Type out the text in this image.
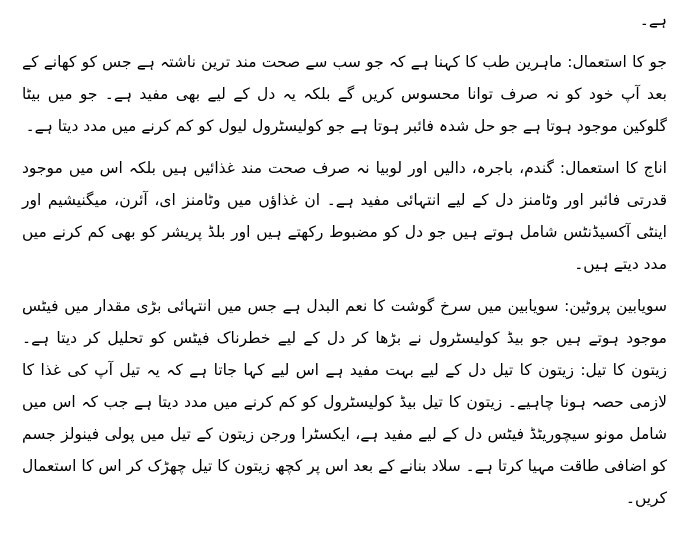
ہے۔

جو کا استعمال: ماہرین طب کا کہنا ہے کہ جو سب سے صحت مند ترین ناشتہ ہے جس کو کھانے کے بعد آپ خود کو نہ صرف توانا محسوس کریں گے بلکہ یہ دل کے لیے بھی مفید ہے۔ جو میں بیٹا گلوکین موجود ہوتا ہے جو حل شدہ فائبر ہوتا ہے جو کولیسٹرول لیول کو کم کرنے میں مدد دیتا ہے۔

اناج کا استعمال: گندم، باجرہ، دالیں اور لوبیا نہ صرف صحت مند غذائیں ہیں بلکہ اس میں موجود قدرتی فائبر اور وٹامنز دل کے لیے انتہائی مفید ہے۔ ان غذاؤں میں وٹامنز ای، آئرن، میگنیشیم اور اینٹی آکسیڈنٹس شامل ہوتے ہیں جو دل کو مضبوط رکھتے ہیں اور بلڈ پریشر کو بھی کم کرنے میں مدد دیتے ہیں۔

سویابین پروٹین: سویابین میں سرخ گوشت کا نعم البدل ہے جس میں انتہائی بڑی مقدار میں فیٹس موجود ہوتے ہیں جو بیڈ کولیسٹرول نے بڑھا کر دل کے لیے خطرناک فیٹس کو تحلیل کر دیتا ہے۔ زیتون کا تیل: زیتون کا تیل دل کے لیے بہت مفید ہے اس لیے کہا جاتا ہے کہ یہ تیل آپ کی غذا کا لازمی حصہ ہونا چاہیے۔ زیتون کا تیل بیڈ کولیسٹرول کو کم کرنے میں مدد دیتا ہے جب کہ اس میں شامل مونو سیچوریٹڈ فیٹس دل کے لیے مفید ہے، ایکسٹرا ورجن زیتون کے تیل میں پولی فینولز جسم کو اضافی طاقت مہیا کرتا ہے۔ سلاد بنانے کے بعد اس پر کچھ زیتون کا تیل چھڑک کر اس کا استعمال کریں۔
